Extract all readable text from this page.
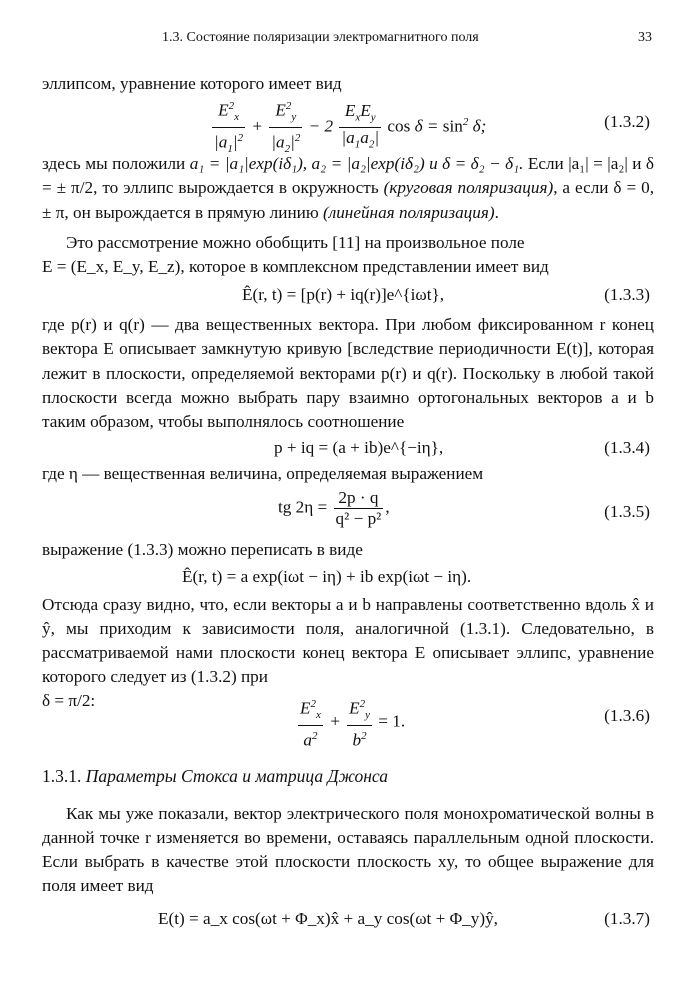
1.3. Состояние поляризации электромагнитного поля	33

эллипсом, уравнение которого имеет вид

$\frac{E^2_x}{|a_1|^2} + \frac{E^2_y}{|a_2|^2} - 2 \frac{E_xE_y}{|a_1a_2|}$ $\cos \delta = \sin^2 \delta$;	(1.3.2)

здесь мы положили a₁ = |a₁|exp(iδ₁), a₂ = |a₂|exp(iδ₂) и δ = δ₂ − δ₁. Если |a₁| = |a₂| и δ = ± π/2, то эллипс вырождается в окружность (круговая поляризация), а если δ = 0, ± π, он вырождается в прямую линию (линейная поляризация).

Это рассмотрение можно обобщить [11] на произвольное поле

E = (E_x, E_y, E_z), которое в комплексном представлении имеет вид

Ê(r, t) = [p(r) + iq(r)]e^{iωt},	(1.3.3)

где p(r) и q(r) — два вещественных вектора. При любом фиксированном r конец вектора E описывает замкнутую кривую [вследствие периодичности E(t)], которая лежит в плоскости, определяемой векторами p(r) и q(r). Поскольку в любой такой плоскости всегда можно выбрать пару взаимно ортогональных векторов a и b таким образом, чтобы выполнялось соотношение

p + iq = (a + ib)e^{−iη},	(1.3.4)

где η — вещественная величина, определяемая выражением

tg $2\eta = \frac{2p \cdot q}{\text{q² − p²}}$ ,	(1.3.5)

выражение (1.3.3) можно переписать в виде

Ê(r, t) = a exp(iωt − iη) + ib exp(iωt − iη).

Отсюда сразу видно, что, если векторы a и b направлены соответственно вдоль x̂ и ŷ, мы приходим к зависимости поля, аналогичной (1.3.1). Следовательно, в рассматриваемой нами плоскости конец вектора E описывает эллипс, уравнение которого следует из (1.3.2) при

δ = π/2:	$\frac{E^2_x}{a^2} + \frac{E^2_y}{b^2} = 1$.	(1.3.6)

1.3.1. Параметры Стокса и матрица Джонса

Как мы уже показали, вектор электрического поля монохроматической волны в данной точке r изменяется во времени, оставаясь параллельным одной плоскости. Если выбрать в качестве этой плоскости плоскость xy, то общее выражение для поля имеет вид

E(t) = a_x cos(ωt + Φ_x)x̂ + a_y cos(ωt + Φ_y)ŷ,	(1.3.7)
